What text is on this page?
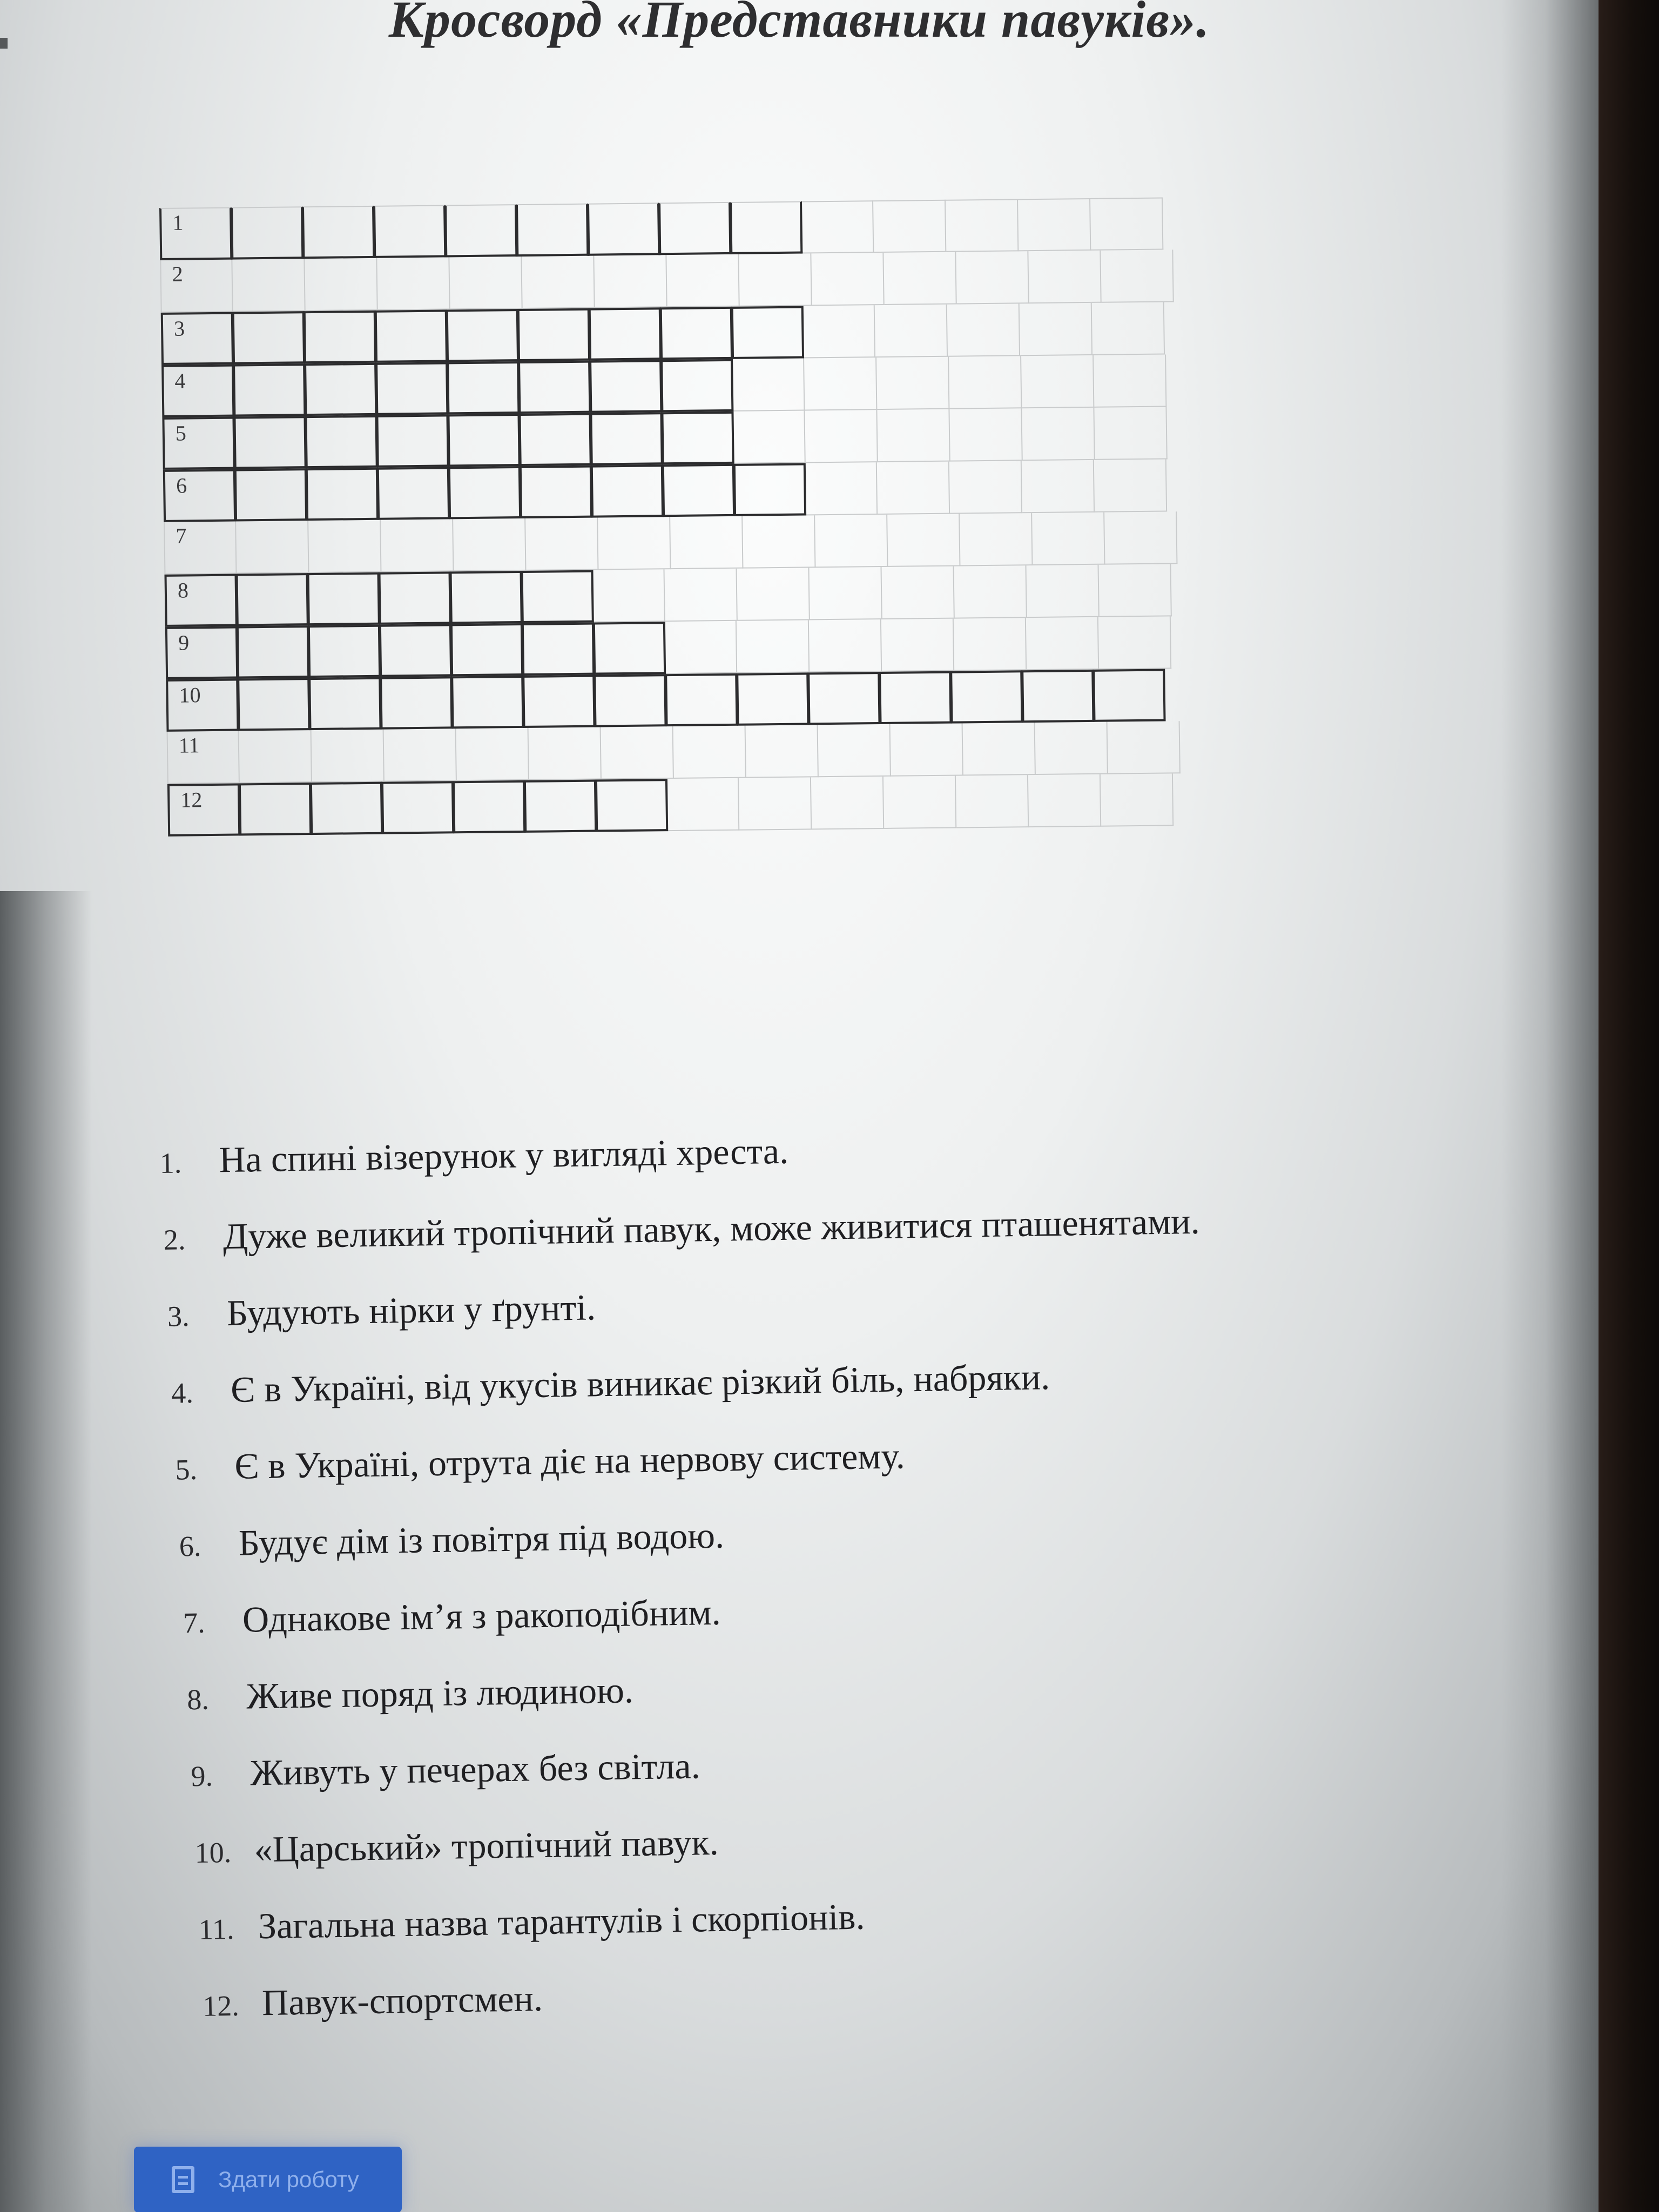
Кросворд «Представники павуків».
1
2
3
4
5
6
7
8
9
10
11
12
1.	На спині візерунок у вигляді хреста.
2.	Дуже великий тропічний павук, може живитися пташенятами.
3.	Будують нірки у ґрунті.
4.	Є в Україні, від укусів виникає різкий біль, набряки.
5.	Є в Україні, отрута діє на нервову систему.
6.	Будує дім із повітря під водою.
7.	Однакове ім’я з ракоподібним.
8.	Живе поряд із людиною.
9.	Живуть у печерах без світла.
10. «Царський» тропічний павук.
11. Загальна назва тарантулів і скорпіонів.
12. Павук-спортсмен.
Здати роботу
